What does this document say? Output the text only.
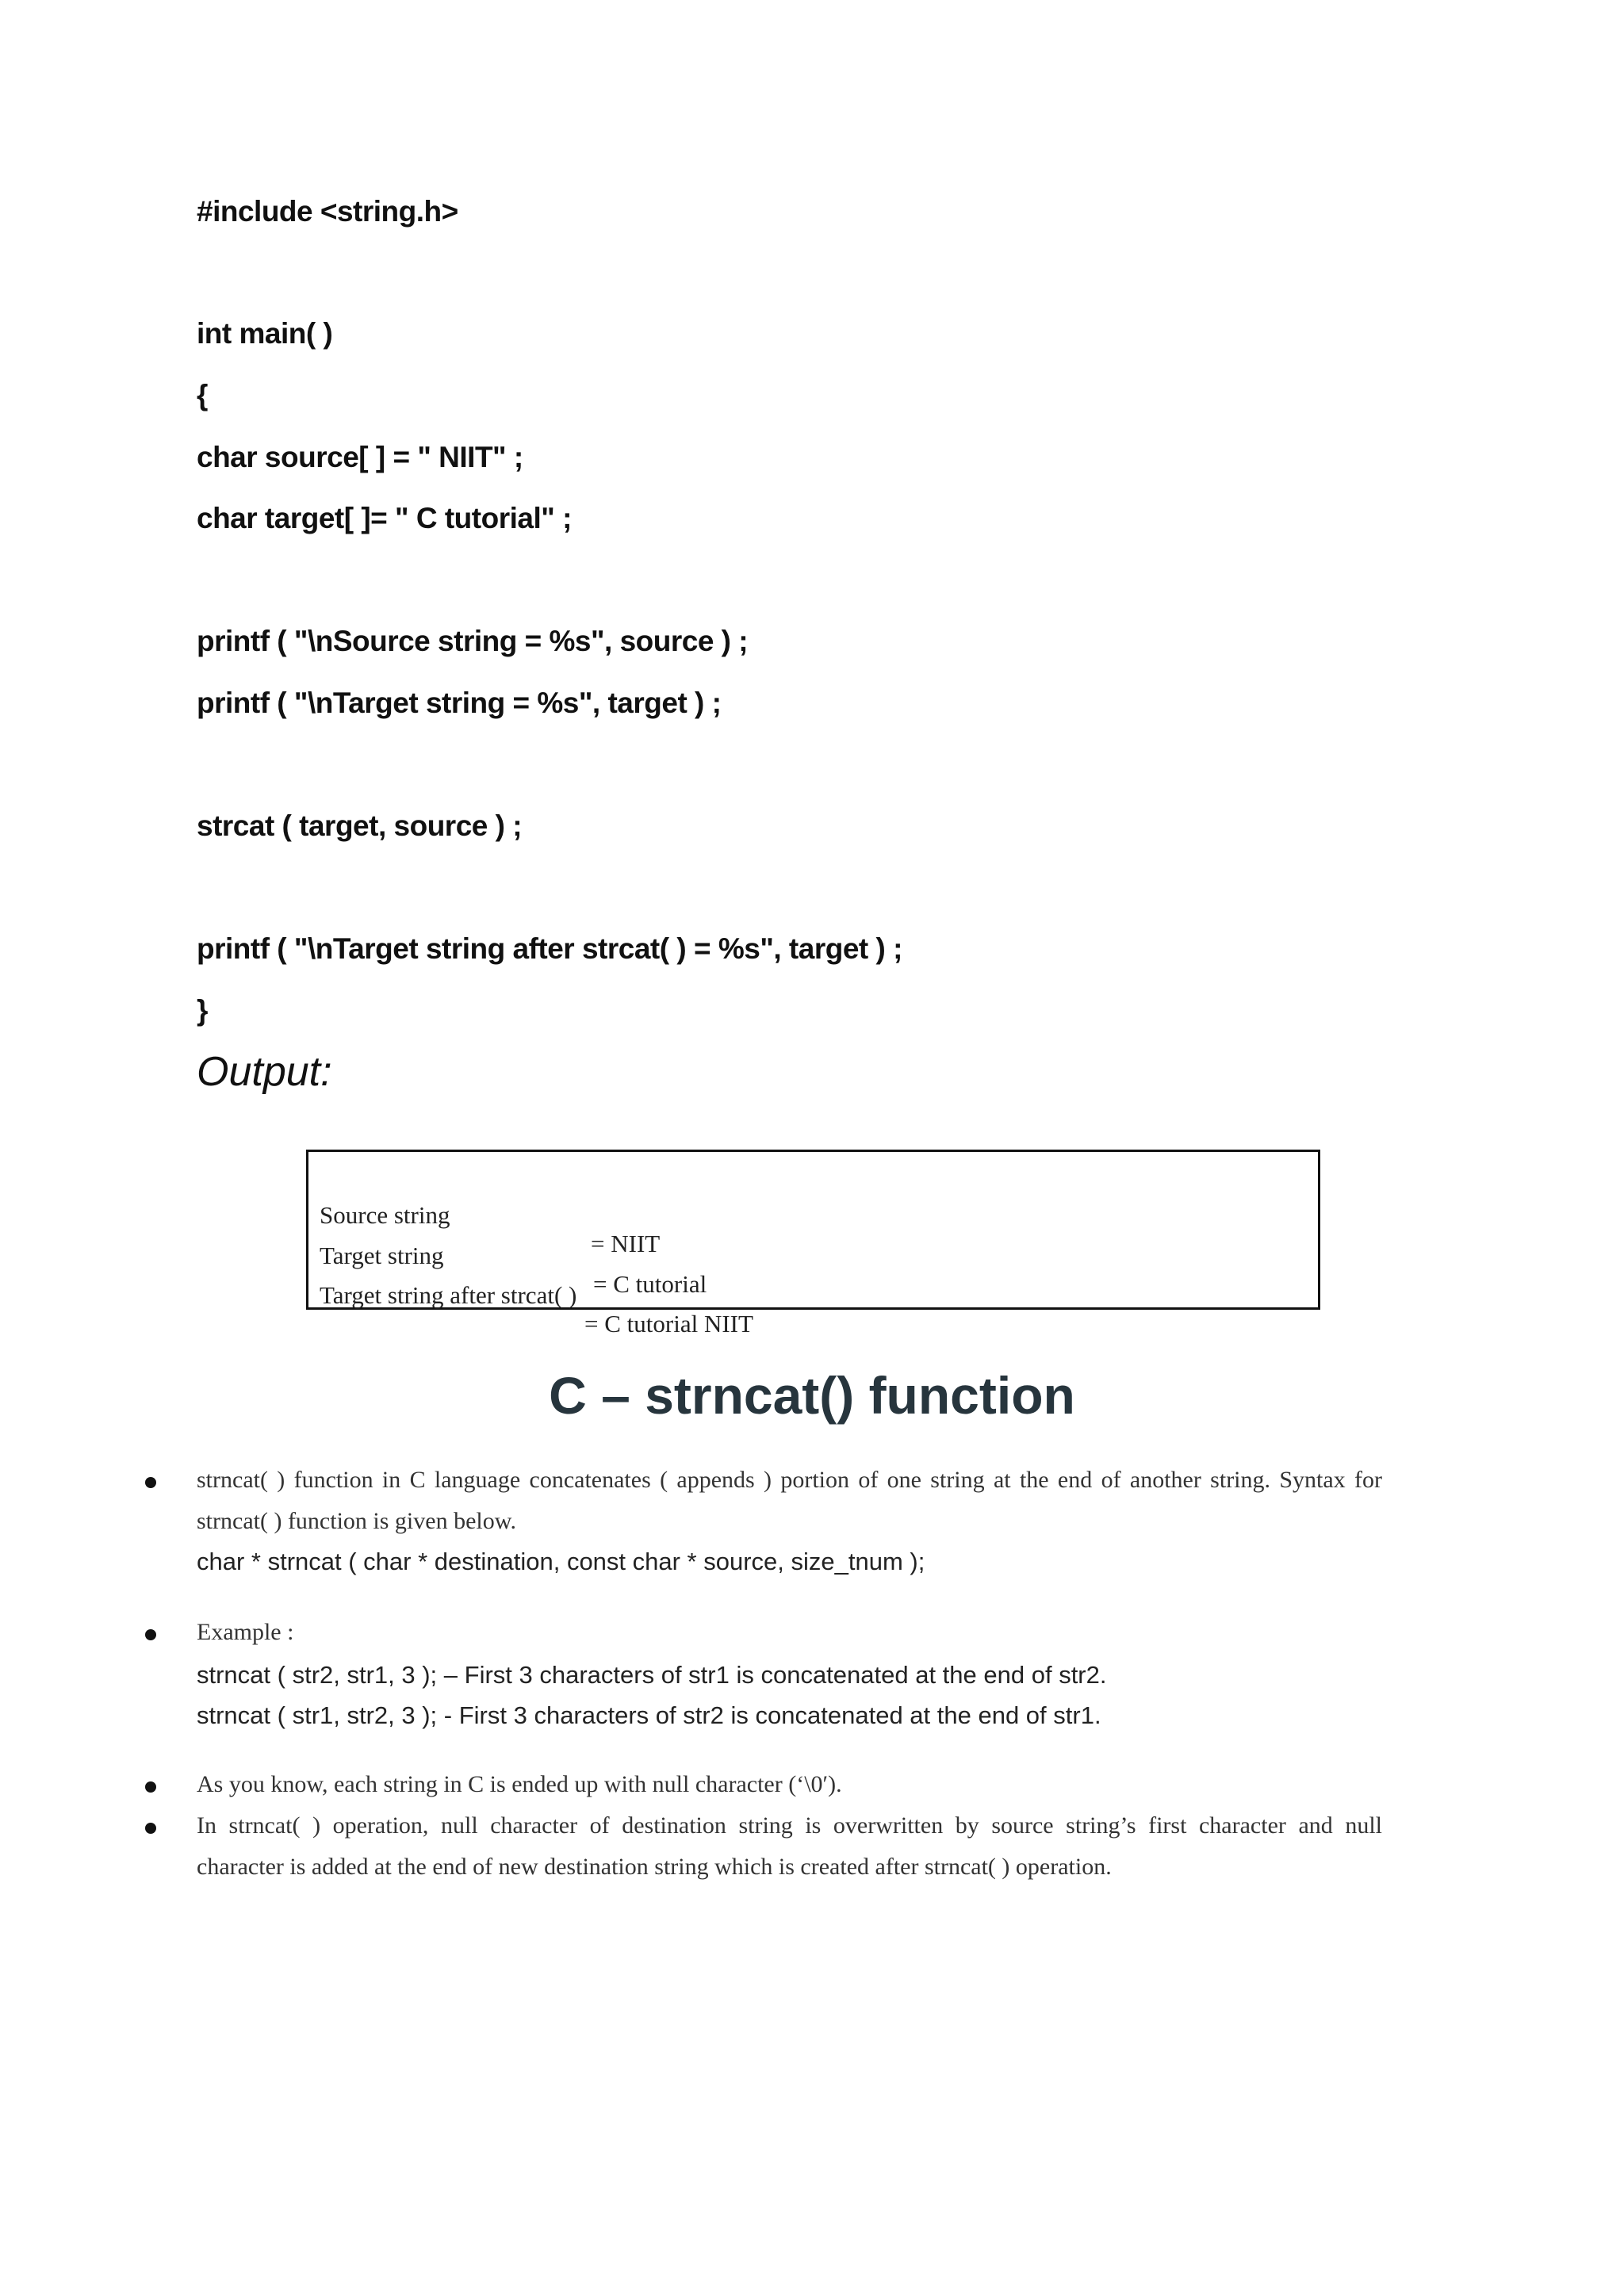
#include <string.h>
int main( )
{
char source[ ] = " NIIT" ;
char target[ ]= " C tutorial" ;
printf ( "\nSource string = %s", source ) ;
printf ( "\nTarget string = %s", target ) ;
strcat ( target, source ) ;
printf ( "\nTarget string after strcat( ) = %s", target ) ;
}
Output:

Source string

= NIIT

Target string

= C tutorial

Target string after strcat( )

= C tutorial NIIT

C – strncat() function
strncat( ) function in C language concatenates ( appends ) portion of one string at the end of another string. Syntax for
strncat( ) function is given below.
char * strncat ( char * destination, const char * source, size_tnum );
Example :
strncat ( str2, str1, 3 ); – First 3 characters of str1 is concatenated at the end of str2.
strncat ( str1, str2, 3 ); - First 3 characters of str2 is concatenated at the end of str1.
As you know, each string in C is ended up with null character (‘\0′).
In strncat( ) operation, null character of destination string is overwritten by source string’s first character and null
character is added at the end of new destination string which is created after strncat( ) operation.
